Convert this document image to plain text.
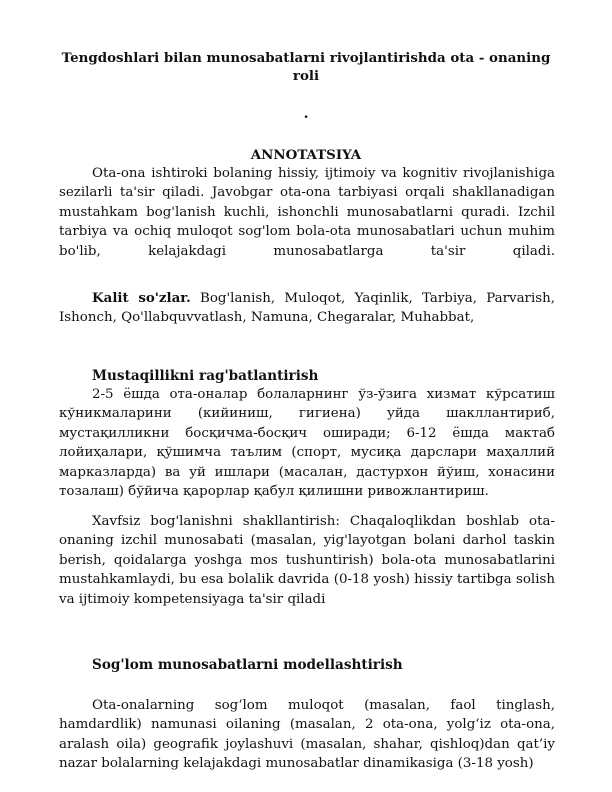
Tengdoshlari bilan munosabatlarni rivojlantirishda ota - onaning roli
.
ANNOTATSIYA

Ota-ona ishtiroki bolaning hissiy, ijtimoiy va kognitiv rivojlanishiga sezilarli ta'sir qiladi. Javobgar ota-ona tarbiyasi orqali shakllanadigan mustahkam bog'lanish kuchli, ishonchli munosabatlarni quradi. Izchil tarbiya va ochiq muloqot sog'lom bola-ota munosabatlari uchun muhim bo'lib, kelajakdagi munosabatlarga ta'sir qiladi.

Kalit so'zlar. Bog'lanish, Muloqot, Yaqinlik, Tarbiya, Parvarish, Ishonch, Qo'llabquvvatlash, Namuna, Chegaralar, Muhabbat,

Mustaqillikni rag'batlantirish

2-5 ёшда ота-оналар болаларнинг ўз-ўзига хизмат кўрсатиш кўникмаларини (кийиниш, гигиена) уйда шакллантириб, мустақилликни босқичма-босқич оширади; 6-12 ёшда мактаб лойиҳалари, қўшимча таълим (спорт, мусиқа дарслари маҳаллий марказларда) ва уй ишлари (масалан, дастурхон йўиш, хонасини тозалаш) бўйича қарорлар қабул қилишни ривожлантириш.

Xavfsiz bog'lanishni shakllantirish: Chaqaloqlikdan boshlab ota-onaning izchil munosabati (masalan, yig'layotgan bolani darhol taskin berish, qoidalarga yoshga mos tushuntirish) bola-ota munosabatlarini mustahkamlaydi, bu esa bolalik davrida (0-18 yosh) hissiy tartibga solish va ijtimoiy kompetensiyaga ta'sir qiladi

Sog'lom munosabatlarni modellashtirish

Ota-onalarning sog‘lom muloqot (masalan, faol tinglash, hamdardlik) namunasi oilaning (masalan, 2 ota-ona, yolg‘iz ota-ona, aralash oila) geografik joylashuvi (masalan, shahar, qishloq)dan qat’iy nazar bolalarning kelajakdagi munosabatlar dinamikasiga (3-18 yosh)
